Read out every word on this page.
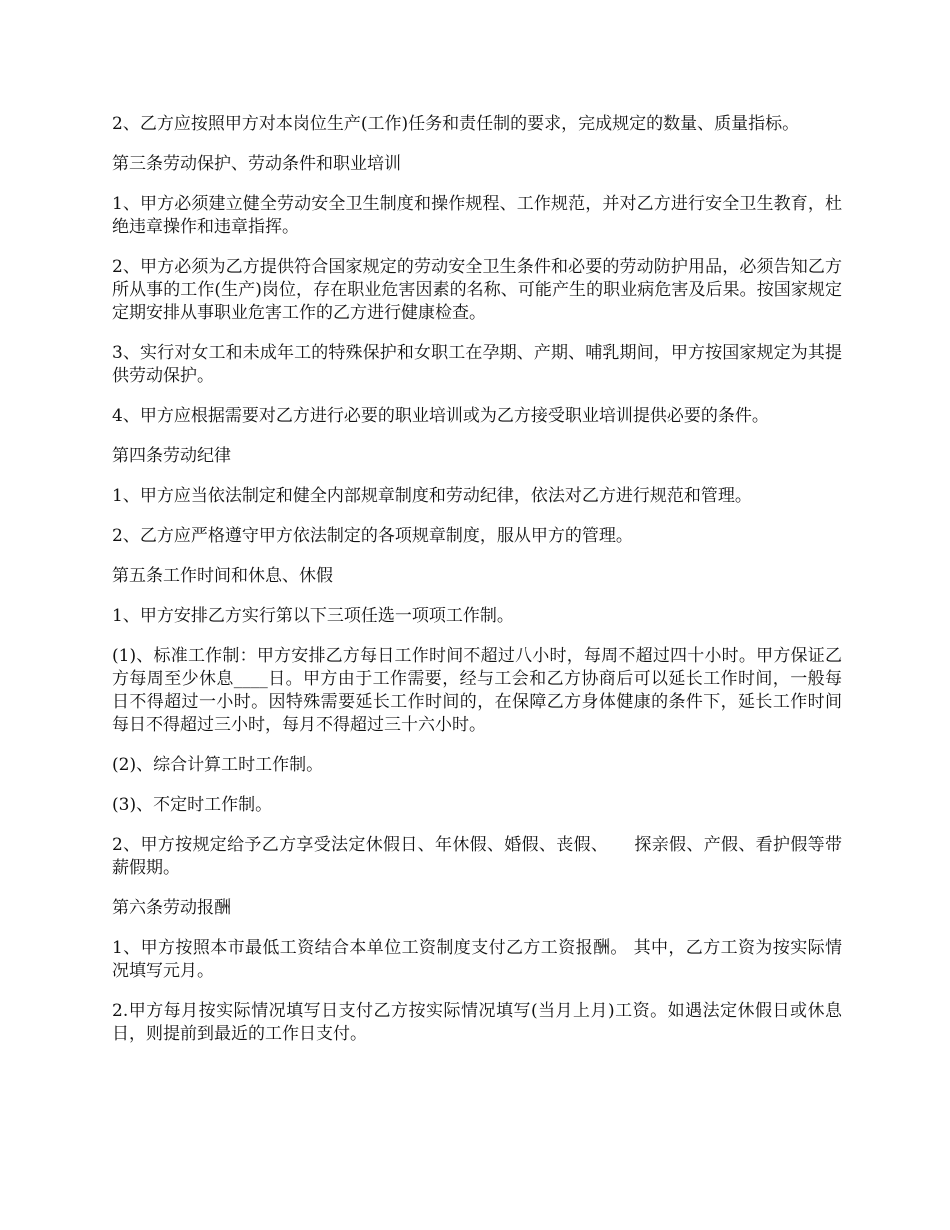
2、乙方应按照甲方对本岗位生产(工作)任务和责任制的要求，完成规定的数量、质量指标。

第三条劳动保护、劳动条件和职业培训

1、甲方必须建立健全劳动安全卫生制度和操作规程、工作规范，并对乙方进行安全卫生教育，杜绝违章操作和违章指挥。

2、甲方必须为乙方提供符合国家规定的劳动安全卫生条件和必要的劳动防护用品，必须告知乙方所从事的工作(生产)岗位，存在职业危害因素的名称、可能产生的职业病危害及后果。按国家规定定期安排从事职业危害工作的乙方进行健康检查。

3、实行对女工和未成年工的特殊保护和女职工在孕期、产期、哺乳期间，甲方按国家规定为其提供劳动保护。

4、甲方应根据需要对乙方进行必要的职业培训或为乙方接受职业培训提供必要的条件。

第四条劳动纪律

1、甲方应当依法制定和健全内部规章制度和劳动纪律，依法对乙方进行规范和管理。

2、乙方应严格遵守甲方依法制定的各项规章制度，服从甲方的管理。

第五条工作时间和休息、休假

1、甲方安排乙方实行第以下三项任选一项项工作制。

(1)、标准工作制：甲方安排乙方每日工作时间不超过八小时，每周不超过四十小时。甲方保证乙方每周至少休息____日。甲方由于工作需要，经与工会和乙方协商后可以延长工作时间，一般每日不得超过一小时。因特殊需要延长工作时间的，在保障乙方身体健康的条件下，延长工作时间每日不得超过三小时，每月不得超过三十六小时。

(2)、综合计算工时工作制。

(3)、不定时工作制。

2、甲方按规定给予乙方享受法定休假日、年休假、婚假、丧假、　　探亲假、产假、看护假等带薪假期。

第六条劳动报酬

1、甲方按照本市最低工资结合本单位工资制度支付乙方工资报酬。 其中，乙方工资为按实际情况填写元月。

2.甲方每月按实际情况填写日支付乙方按实际情况填写(当月上月)工资。如遇法定休假日或休息日，则提前到最近的工作日支付。
